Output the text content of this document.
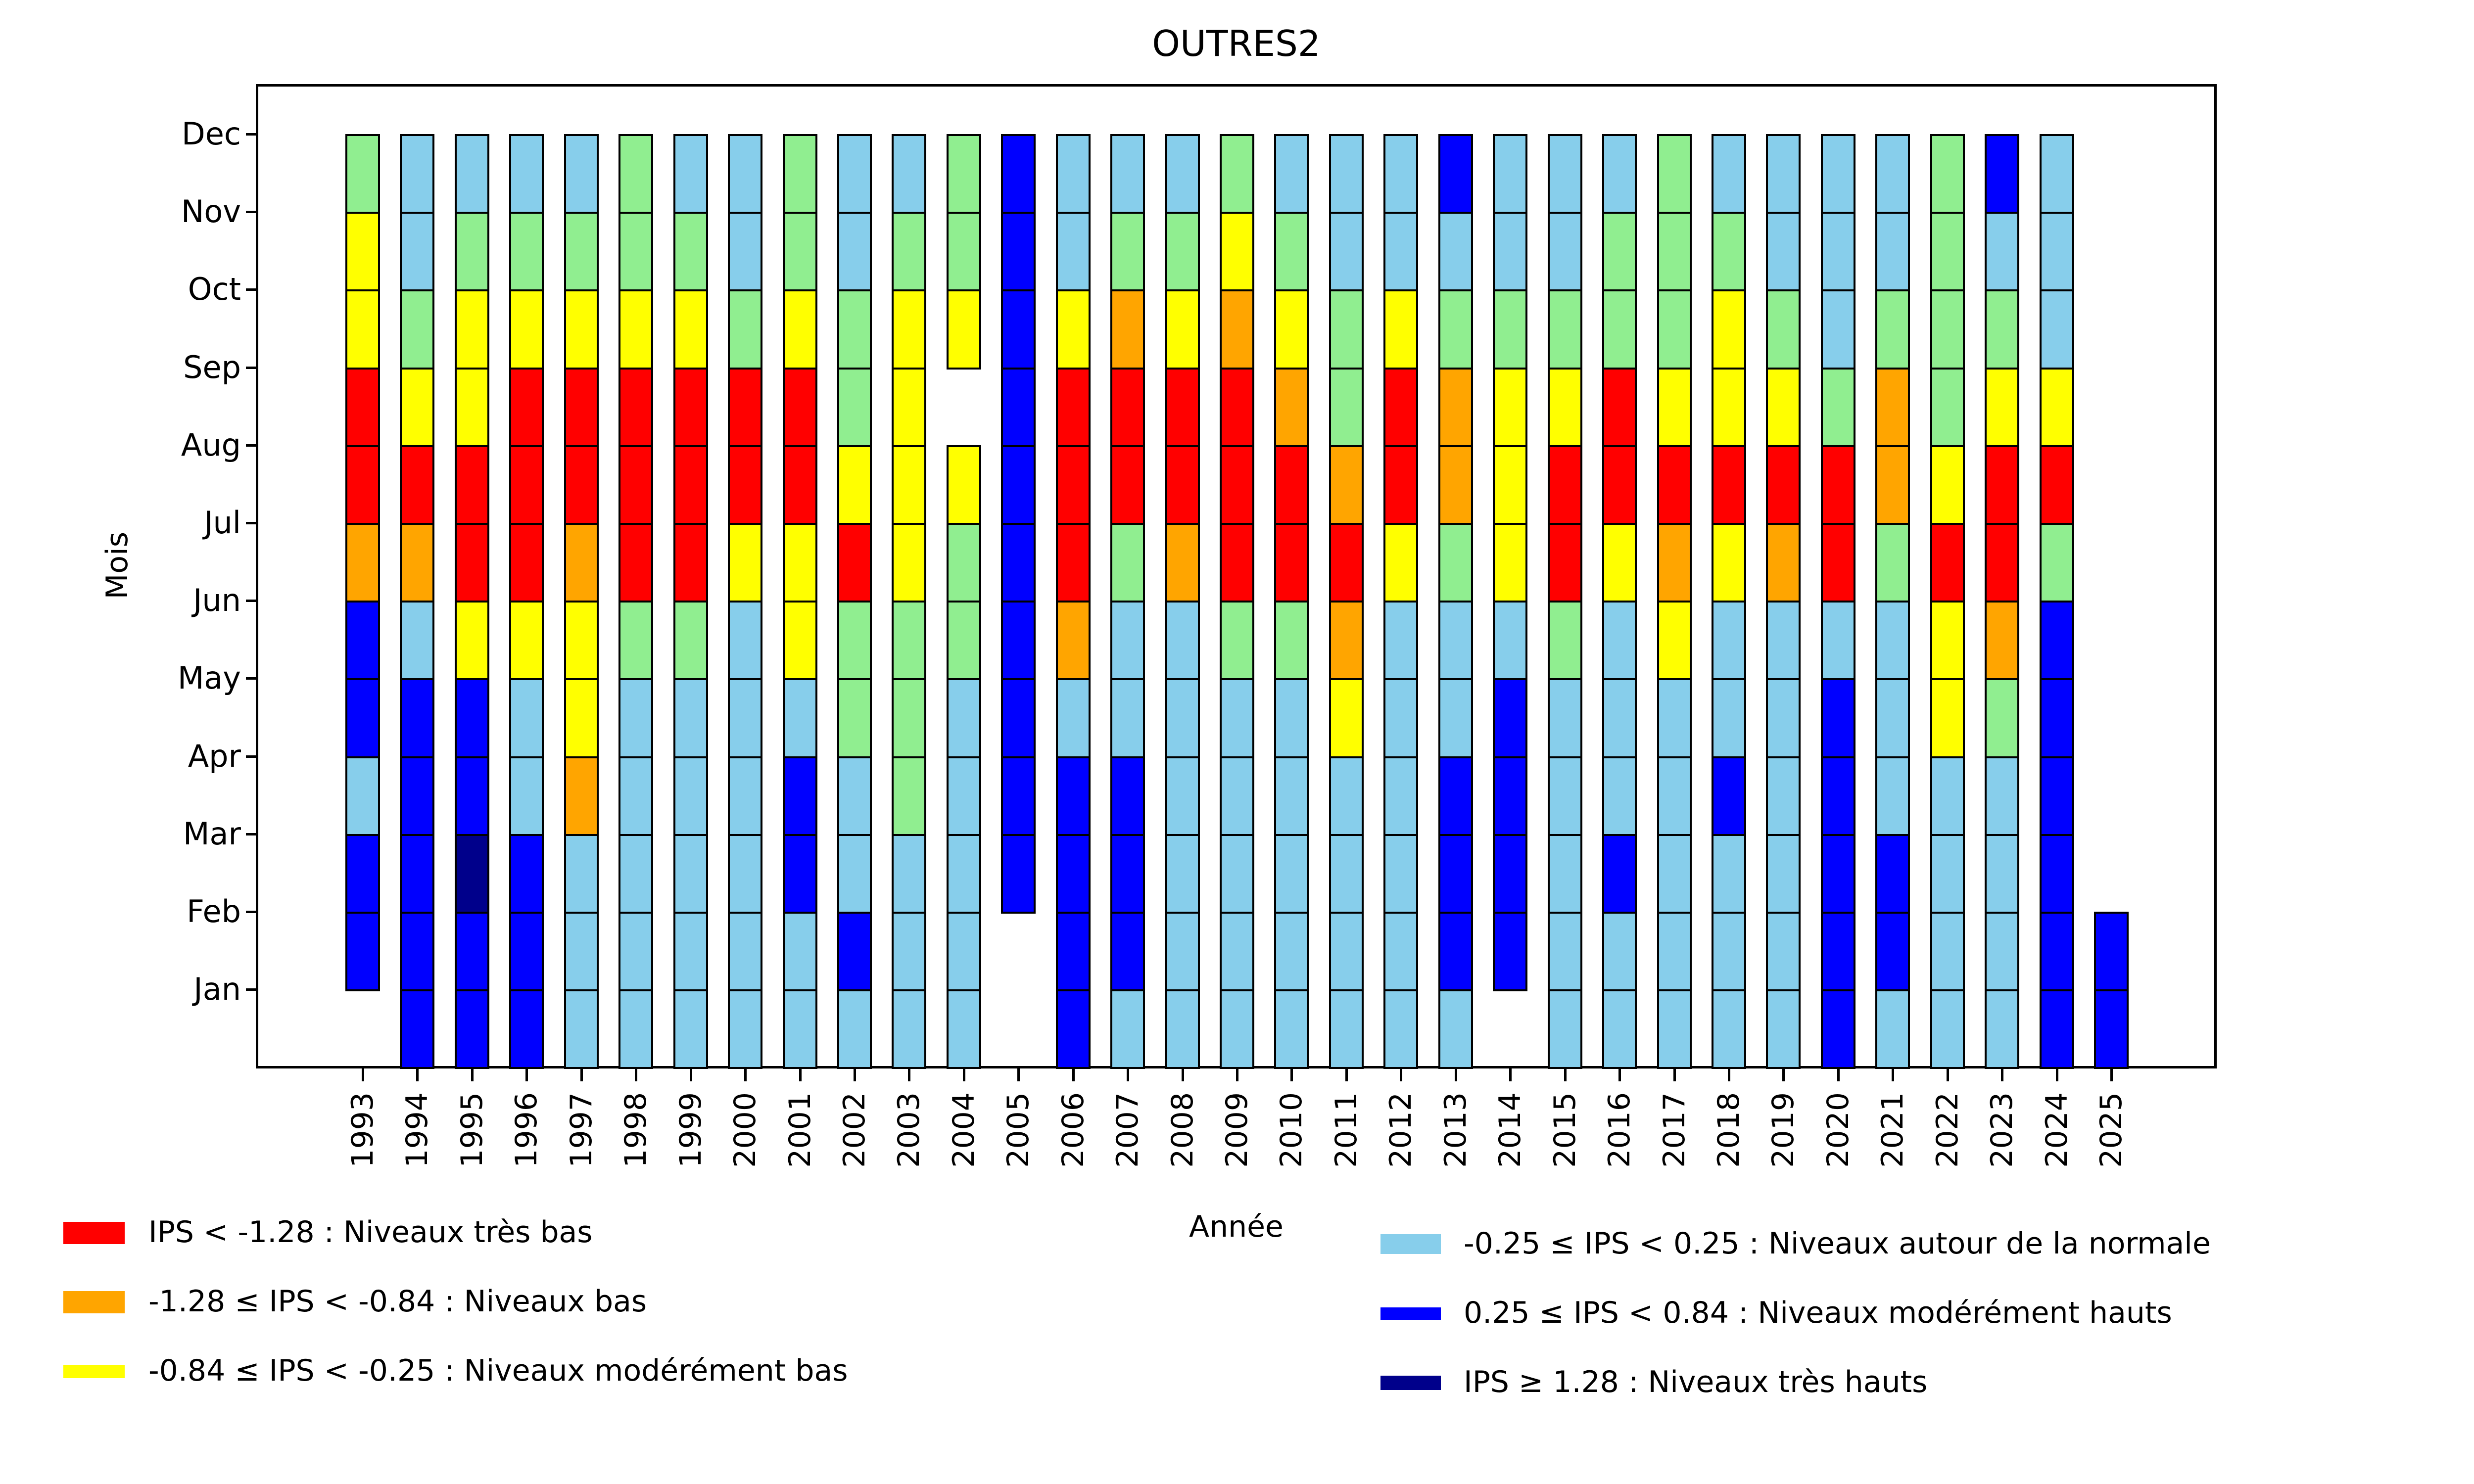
OUTRES2
Dec
Nov
Oct
Sep
Aug
Jul
Jun
May
Apr
Mar
Feb
Jan
1993 1994 1995 1996 1997 1998 1999 2000 2001 2002 2003 2004 2005 2006 2007 2008 2009 2010 2011 2012 2013 2014 2015 2016 2017 2018 2019 2020 2021 2022 2023 2024 2025
Mois
Année
IPS < -1.28 : Niveaux très bas
-1.28 ≤ IPS < -0.84 : Niveaux bas
-0.84 ≤ IPS < -0.25 : Niveaux modérément bas
-0.25 ≤ IPS < 0.25 : Niveaux autour de la normale
0.25 ≤ IPS < 0.84 : Niveaux modérément hauts
IPS ≥ 1.28 : Niveaux très hauts
